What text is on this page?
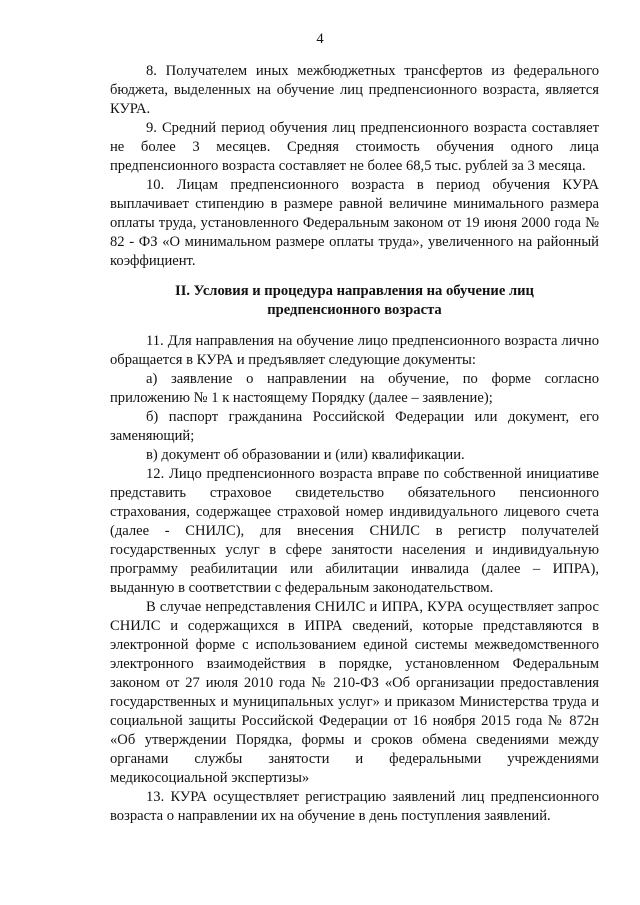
4

8. Получателем иных межбюджетных трансфертов из федерального бюджета, выделенных на обучение лиц предпенсионного возраста, является КУРА.

9. Средний период обучения лиц предпенсионного возраста составляет не более 3 месяцев. Средняя стоимость обучения одного лица предпенсионного возраста составляет не более 68,5 тыс. рублей за 3 месяца.

10. Лицам предпенсионного возраста в период обучения КУРА выплачивает стипендию в размере равной величине минимального размера оплаты труда, установленного Федеральным законом от 19 июня 2000 года № 82 - ФЗ «О минимальном размере оплаты труда», увеличенного на районный коэффициент.

II. Условия и процедура направления на обучение лиц
предпенсионного возраста

11. Для направления на обучение лицо предпенсионного возраста лично обращается в КУРА и предъявляет следующие документы:

а) заявление о направлении на обучение, по форме согласно приложению № 1 к настоящему Порядку (далее – заявление);

б) паспорт гражданина Российской Федерации или документ, его заменяющий;

в) документ об образовании и (или) квалификации.

12. Лицо предпенсионного возраста вправе по собственной инициативе представить страховое свидетельство обязательного пенсионного страхования, содержащее страховой номер индивидуального лицевого счета (далее - СНИЛС), для внесения СНИЛС в регистр получателей государственных услуг в сфере занятости населения и индивидуальную программу реабилитации или абилитации инвалида (далее – ИПРА), выданную в соответствии с федеральным законодательством.

В случае непредставления СНИЛС и ИПРА, КУРА осуществляет запрос СНИЛС и содержащихся в ИПРА сведений, которые представляются в электронной форме с использованием единой системы межведомственного электронного взаимодействия в порядке, установленном Федеральным законом от 27 июля 2010 года № 210-ФЗ «Об организации предоставления государственных и муниципальных услуг» и приказом Министерства труда и социальной защиты Российской Федерации от 16 ноября 2015 года № 872н «Об утверждении Порядка, формы и сроков обмена сведениями между органами службы занятости и федеральными учреждениями медикосоциальной экспертизы»

13. КУРА осуществляет регистрацию заявлений лиц предпенсионного возраста о направлении их на обучение в день поступления заявлений.
